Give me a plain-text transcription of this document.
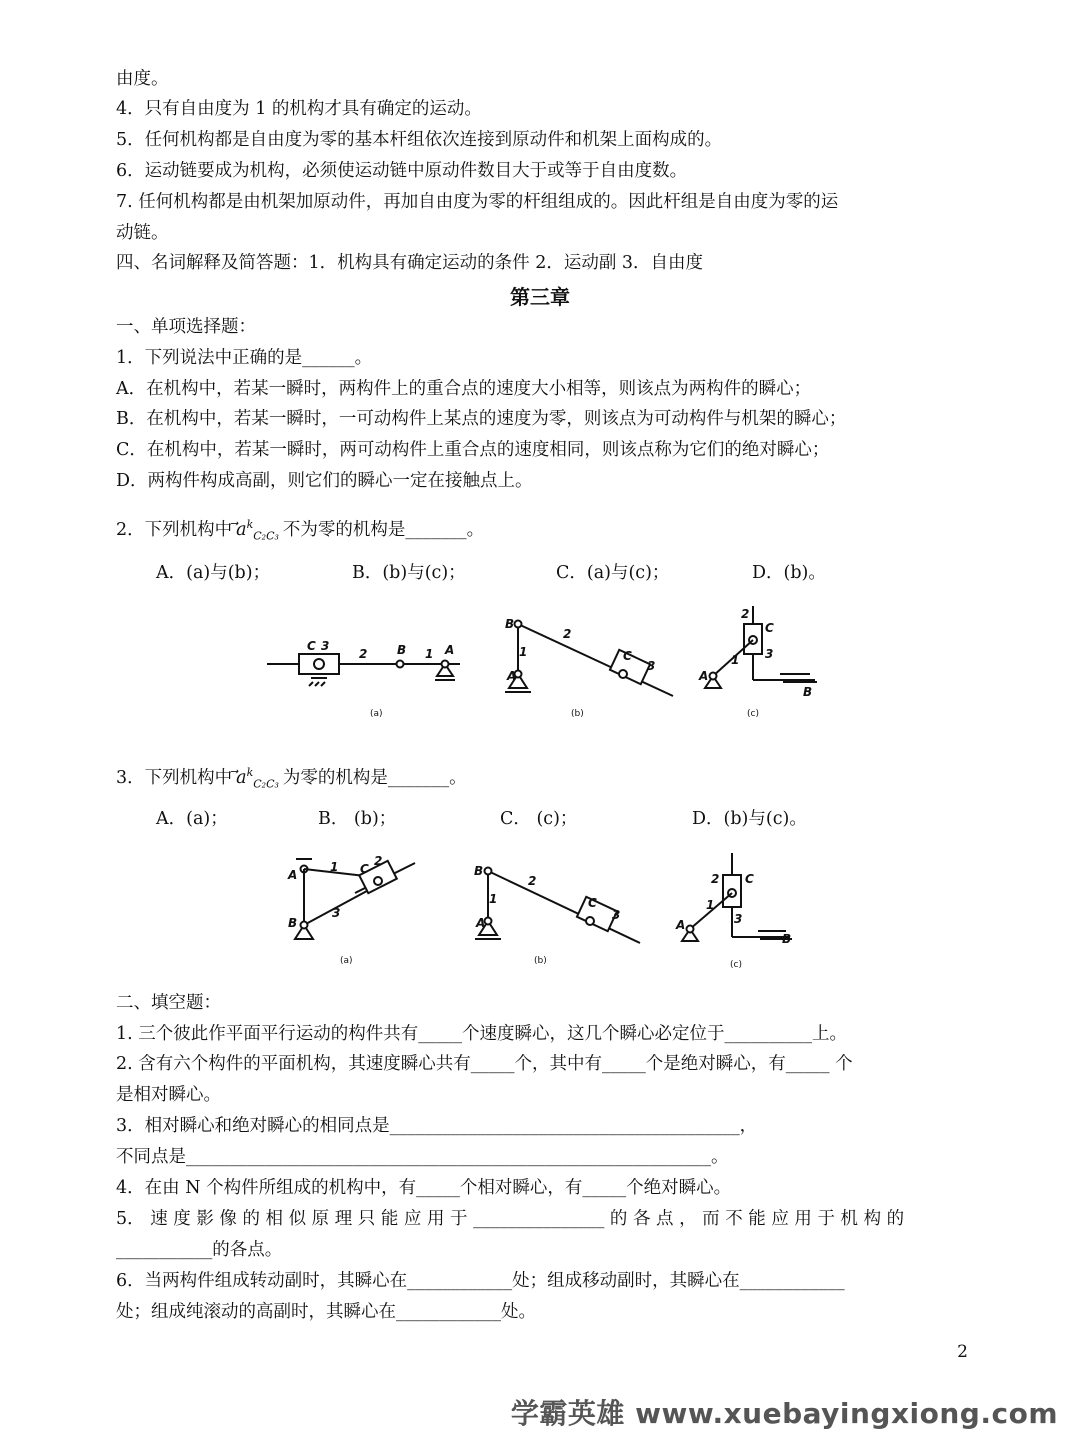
由度。
4．只有自由度为 1 的机构才具有确定的运动。
5．任何机构都是自由度为零的基本杆组依次连接到原动件和机架上面构成的。
6．运动链要成为机构，必须使运动链中原动件数目大于或等于自由度数。
7. 任何机构都是由机架加原动件，再加自由度为零的杆组组成的。因此杆组是自由度为零的运
动链。
四、名词解释及简答题：1．机构具有确定运动的条件 2．运动副 3．自由度
第三章
一、单项选择题：
1．下列说法中正确的是______。
A．在机构中，若某一瞬时，两构件上的重合点的速度大小相等，则该点为两构件的瞬心；
B．在机构中，若某一瞬时，一可动构件上某点的速度为零，则该点为可动构件与机架的瞬心；
C．在机构中，若某一瞬时，两可动构件上重合点的速度相同，则该点称为它们的绝对瞬心；
D．两构件构成高副，则它们的瞬心一定在接触点上。
2．下列机构中 $a^k_{C_2C_3}$ 不为零的机构是_______。
A．(a)与(b)；	B．(b)与(c)；	C．(a)与(c)；	D．(b)。
C 3
2 B 1 A
B
1
A
2
C
3
2
C
3
1
A
B
(a)	(b)	(c)
3．下列机构中 $a^k_{C_2C_3}$ 为零的机构是_______。
A．(a)；	B． (b)；	C． (c)；	D．(b)与(c)。
A
1 C
2
3
B
B
1
A
2
C
3
2 C
3
1
A
B
(a)	(b)	(c)
二、填空题：
1. 三个彼此作平面平行运动的构件共有_____个速度瞬心，这几个瞬心必定位于__________上。
2. 含有六个构件的平面机构，其速度瞬心共有_____个，其中有_____个是绝对瞬心，有_____ 个
是相对瞬心。
3．相对瞬心和绝对瞬心的相同点是________________________________________，
不同点是____________________________________________________________。
4．在由 N 个构件所组成的机构中，有_____个相对瞬心，有_____个绝对瞬心。
5． 速 度 影 像 的 相 似 原 理 只 能 应 用 于 _______________ 的 各 点 ， 而 不 能 应 用 于 机 构 的
___________的各点。
6．当两构件组成转动副时，其瞬心在____________处；组成移动副时，其瞬心在____________
处；组成纯滚动的高副时，其瞬心在____________处。
2
学霸英雄 www.xuebayingxiong.com
